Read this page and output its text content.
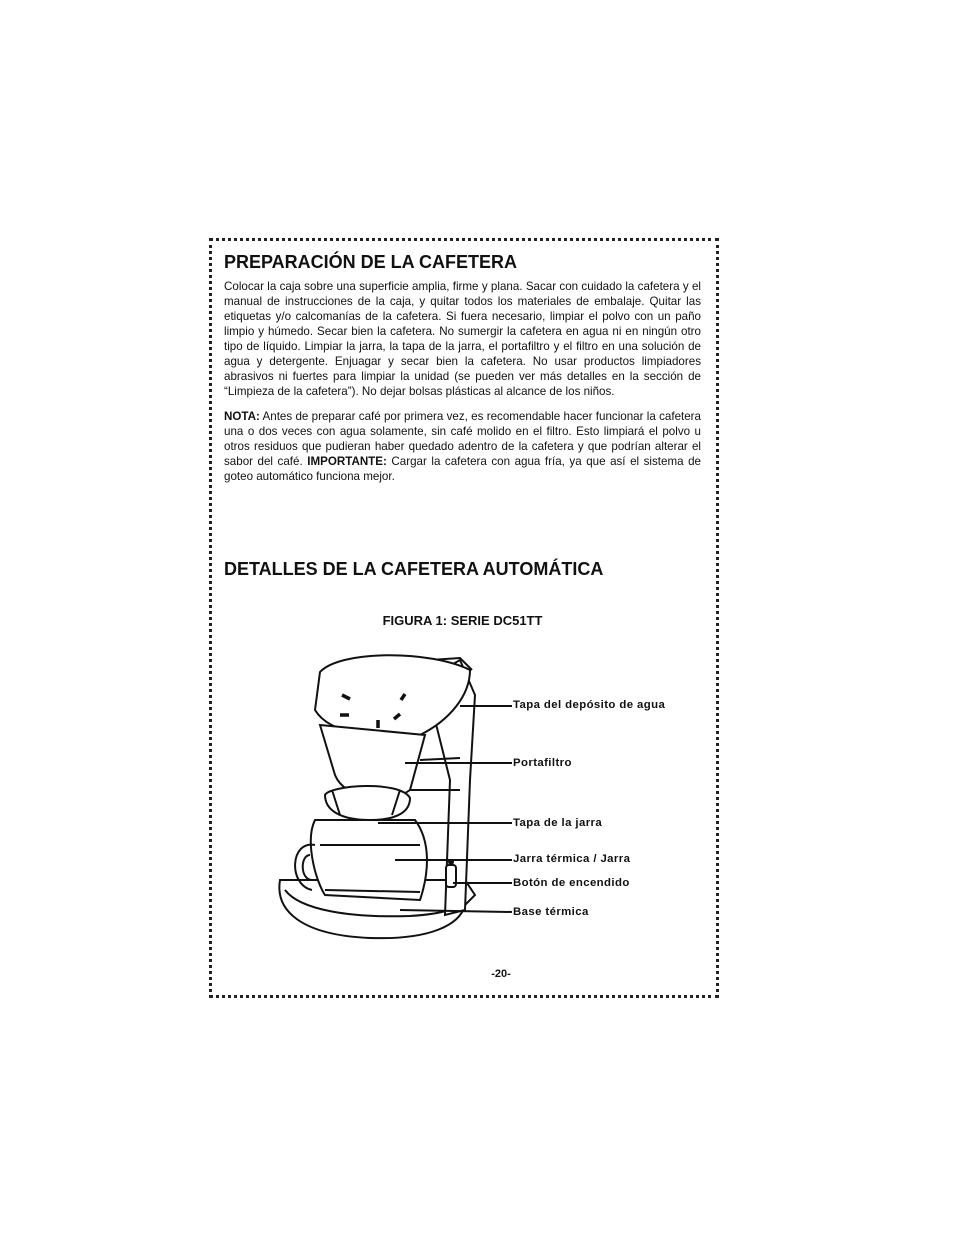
PREPARACIÓN DE LA CAFETERA

Colocar la caja sobre una superficie amplia, firme y plana. Sacar con cuidado la cafetera y el manual de instrucciones de la caja, y quitar todos los materiales de embalaje. Quitar las etiquetas y/o calcomanías de la cafetera. Si fuera necesario, limpiar el polvo con un paño limpio y húmedo. Secar bien la cafetera. No sumergir la cafetera en agua ni en ningún otro tipo de líquido. Limpiar la jarra, la tapa de la jarra, el portafiltro y el filtro en una solución de agua y detergente. Enjuagar y secar bien la cafetera. No usar productos limpiadores abrasivos ni fuertes para limpiar la unidad (se pueden ver más detalles en la sección de “Limpieza de la cafetera”). No dejar bolsas plásticas al alcance de los niños.

NOTA: Antes de preparar café por primera vez, es recomendable hacer funcionar la cafetera una o dos veces con agua solamente, sin café molido en el filtro. Esto limpiará el polvo u otros residuos que pudieran haber quedado adentro de la cafetera y que podrían alterar el sabor del café. IMPORTANTE: Cargar la cafetera con agua fría, ya que así el sistema de goteo automático funciona mejor.

DETALLES DE LA CAFETERA AUTOMÁTICA
FIGURA 1: SERIE DC51TT
Tapa del depósito de agua
Portafiltro
Tapa de la jarra
Jarra térmica / Jarra
Botón de encendido
Base térmica
-20-
